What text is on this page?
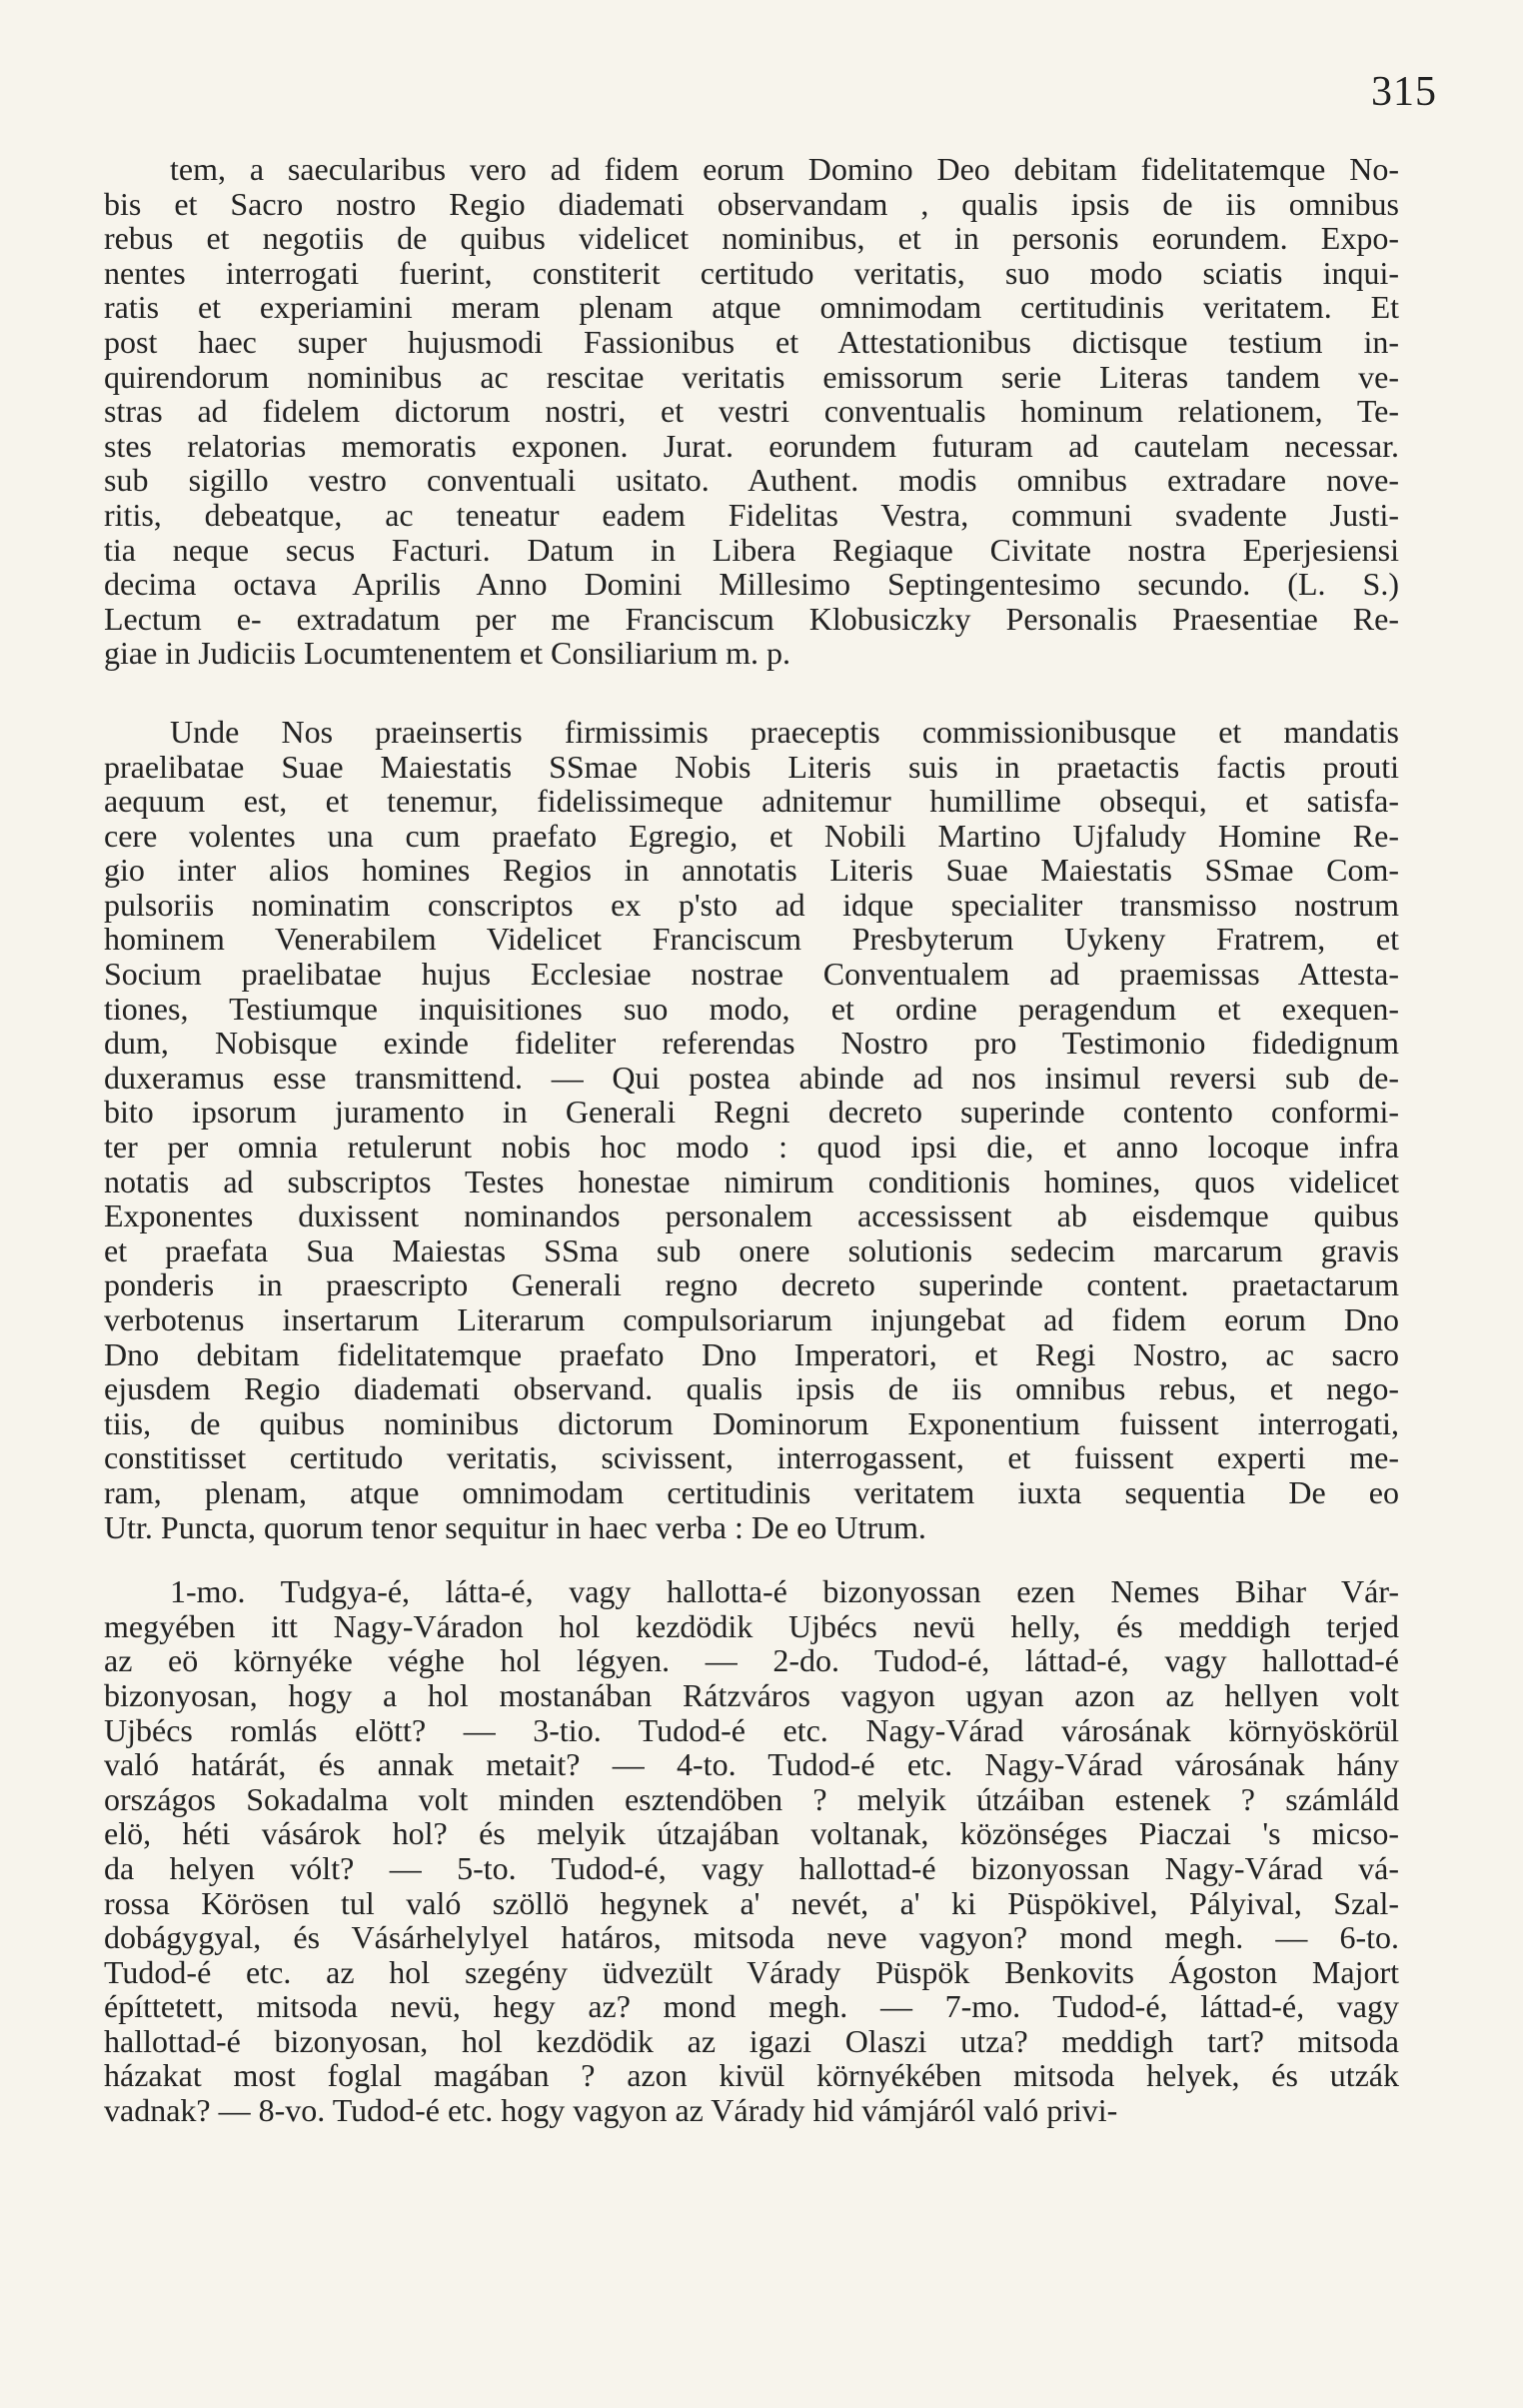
315
tem, a saecularibus vero ad fidem eorum Domino Deo debitam fidelitatemque No-
bis et Sacro nostro Regio diademati observandam , qualis ipsis de iis omnibus
rebus et negotiis de quibus videlicet nominibus, et in personis eorundem. Expo-
nentes interrogati fuerint, constiterit certitudo veritatis, suo modo sciatis inqui-
ratis et experiamini meram plenam atque omnimodam certitudinis veritatem. Et
post haec super hujusmodi Fassionibus et Attestationibus dictisque testium in-
quirendorum nominibus ac rescitae veritatis emissorum serie Literas tandem ve-
stras ad fidelem dictorum nostri, et vestri conventualis hominum relationem, Te-
stes relatorias memoratis exponen. Jurat. eorundem futuram ad cautelam necessar.
sub sigillo vestro conventuali usitato. Authent. modis omnibus extradare nove-
ritis, debeatque, ac teneatur eadem Fidelitas Vestra, communi svadente Justi-
tia neque secus Facturi. Datum in Libera Regiaque Civitate nostra Eperjesiensi
decima octava Aprilis Anno Domini Millesimo Septingentesimo secundo. (L. S.)
Lectum e- extradatum per me Franciscum Klobusiczky Personalis Praesentiae Re-
giae in Judiciis Locumtenentem et Consiliarium m. p.
Unde Nos praeinsertis firmissimis praeceptis commissionibusque et mandatis
praelibatae Suae Maiestatis SSmae Nobis Literis suis in praetactis factis prouti
aequum est, et tenemur, fidelissimeque adnitemur humillime obsequi, et satisfa-
cere volentes una cum praefato Egregio, et Nobili Martino Ujfaludy Homine Re-
gio inter alios homines Regios in annotatis Literis Suae Maiestatis SSmae Com-
pulsoriis nominatim conscriptos ex p'sto ad idque specialiter transmisso nostrum
hominem Venerabilem Videlicet Franciscum Presbyterum Uykeny Fratrem, et
Socium praelibatae hujus Ecclesiae nostrae Conventualem ad praemissas Attesta-
tiones, Testiumque inquisitiones suo modo, et ordine peragendum et exequen-
dum, Nobisque exinde fideliter referendas Nostro pro Testimonio fidedignum
duxeramus esse transmittend. — Qui postea abinde ad nos insimul reversi sub de-
bito ipsorum juramento in Generali Regni decreto superinde contento conformi-
ter per omnia retulerunt nobis hoc modo : quod ipsi die, et anno locoque infra
notatis ad subscriptos Testes honestae nimirum conditionis homines, quos videlicet
Exponentes duxissent nominandos personalem accessissent ab eisdemque quibus
et praefata Sua Maiestas SSma sub onere solutionis sedecim marcarum gravis
ponderis in praescripto Generali regno decreto superinde content. praetactarum
verbotenus insertarum Literarum compulsoriarum injungebat ad fidem eorum Dno
Dno debitam fidelitatemque praefato Dno Imperatori, et Regi Nostro, ac sacro
ejusdem Regio diademati observand. qualis ipsis de iis omnibus rebus, et nego-
tiis, de quibus nominibus dictorum Dominorum Exponentium fuissent interrogati,
constitisset certitudo veritatis, scivissent, interrogassent, et fuissent experti me-
ram, plenam, atque omnimodam certitudinis veritatem iuxta sequentia De eo
Utr. Puncta, quorum tenor sequitur in haec verba : De eo Utrum.
1-mo. Tudgya-é, látta-é, vagy hallotta-é bizonyossan ezen Nemes Bihar Vár-
megyében itt Nagy-Váradon hol kezdödik Ujbécs nevü helly, és meddigh terjed
az eö környéke véghe hol légyen. — 2-do. Tudod-é, láttad-é, vagy hallottad-é
bizonyosan, hogy a hol mostanában Rátzváros vagyon ugyan azon az hellyen volt
Ujbécs romlás elött? — 3-tio. Tudod-é etc. Nagy-Várad városának környöskörül
való határát, és annak metait? — 4-to. Tudod-é etc. Nagy-Várad városának hány
országos Sokadalma volt minden esztendöben ? melyik útzáiban estenek ? számláld
elö, héti vásárok hol? és melyik útzajában voltanak, közönséges Piaczai 's micso-
da helyen vólt? — 5-to. Tudod-é, vagy hallottad-é bizonyossan Nagy-Várad vá-
rossa Körösen tul való szöllö hegynek a' nevét, a' ki Püspökivel, Pályival, Szal-
dobágygyal, és Vásárhelylyel határos, mitsoda neve vagyon? mond megh. — 6-to.
Tudod-é etc. az hol szegény üdvezült Várady Püspök Benkovits Ágoston Majort
építtetett, mitsoda nevü, hegy az? mond megh. — 7-mo. Tudod-é, láttad-é, vagy
hallottad-é bizonyosan, hol kezdödik az igazi Olaszi utza? meddigh tart? mitsoda
házakat most foglal magában ? azon kivül környékében mitsoda helyek, és utzák
vadnak? — 8-vo. Tudod-é etc. hogy vagyon az Várady hid vámjáról való privi-
